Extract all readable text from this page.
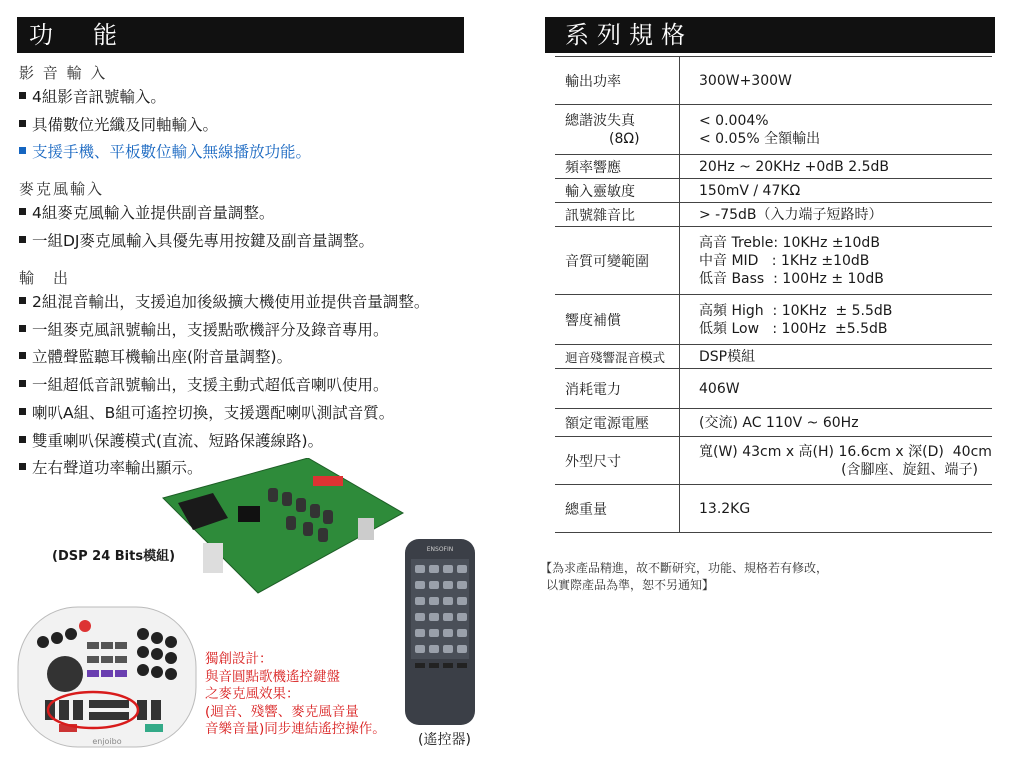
功能
影 音 輸 入
4組影音訊號輸入。
具備數位光纖及同軸輸入。
支援手機、平板數位輸入無線播放功能。
麥克風輸入
4組麥克風輸入並提供副音量調整。
一組DJ麥克風輸入具優先專用按鍵及副音量調整。
輸　出
2組混音輸出，支援追加後級擴大機使用並提供音量調整。
一組麥克風訊號輸出，支援點歌機評分及錄音專用。
立體聲監聽耳機輸出座(附音量調整)。
一組超低音訊號輸出，支援主動式超低音喇叭使用。
喇叭A組、B組可遙控切換，支援選配喇叭測試音質。
雙重喇叭保護模式(直流、短路保護線路)。
左右聲道功率輸出顯示。
(DSP 24 Bits模組)
enjoibo
獨創設計：
與音圓點歌機遙控鍵盤
之麥克風效果：
(迴音、殘響、麥克風音量
音樂音量)同步連結遙控操作。
ENSOFIN
(遙控器)
系列規格
輸出功率	300W+300W

總諧波失真
(8Ω)	< 0.004%
< 0.05% 全額輸出

頻率響應	20Hz ~ 20KHz +0dB 2.5dB

輸入靈敏度	150mV / 47KΩ

訊號雜音比	> -75dB（入力端子短路時）

音質可變範圍	高音 Treble: 10KHz ±10dB
中音 MID   : 1KHz ±10dB
低音 Bass  : 100Hz ± 10dB

響度補償	高頻 High  : 10KHz  ± 5.5dB
低頻 Low   : 100Hz  ±5.5dB

迴音殘響混音模式	DSP模組

消耗電力	406W

額定電源電壓	(交流) AC 110V ~ 60Hz

外型尺寸	寬(W) 43cm x 高(H) 16.6cm x 深(D)  40cm
(含腳座、旋鈕、端子)

總重量	13.2KG
【為求產品精進，故不斷研究，功能、規格若有修改，
以實際產品為準，恕不另通知】
